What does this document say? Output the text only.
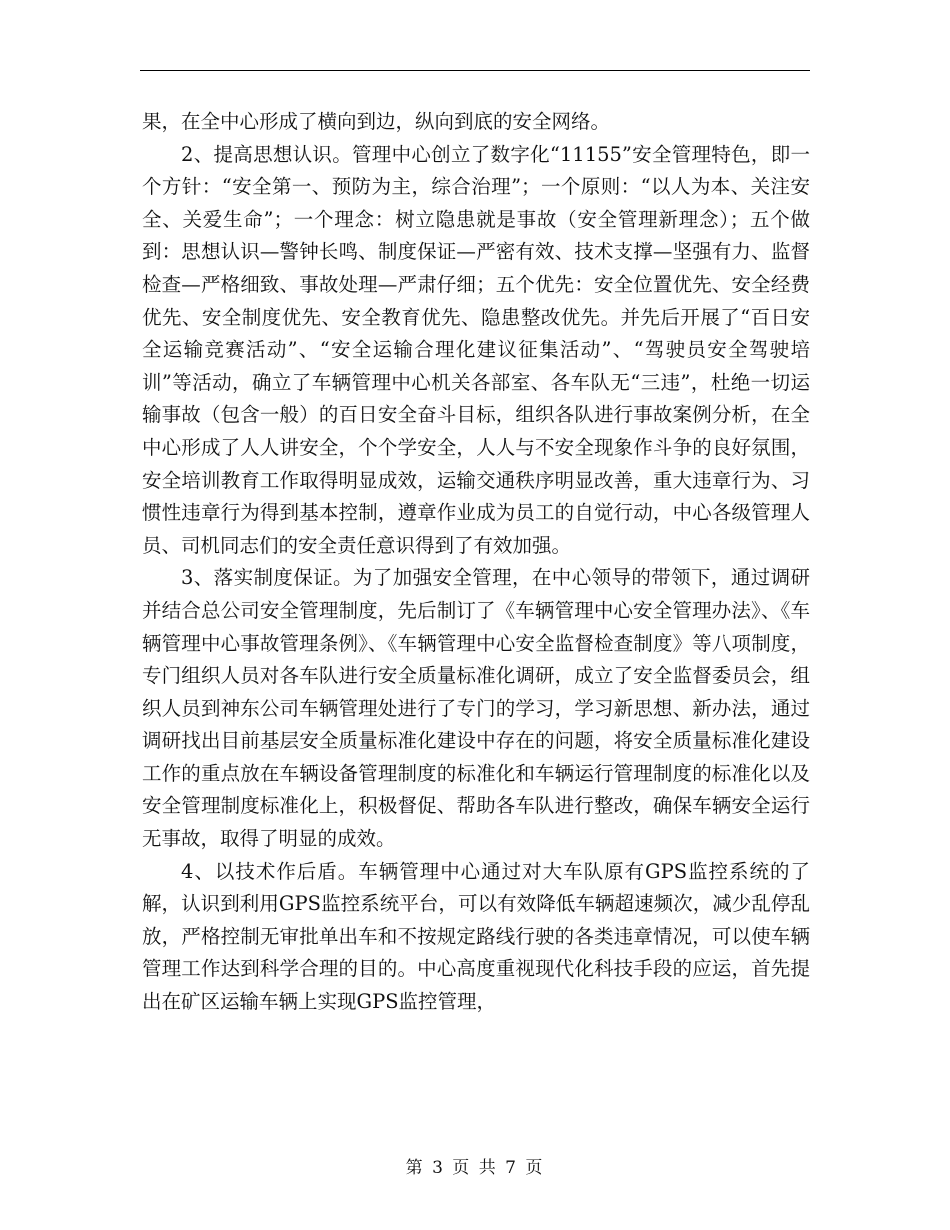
果，在全中心形成了横向到边，纵向到底的安全网络。

2、提高思想认识。管理中心创立了数字化“11155”安全管理特色，即一个方针：“安全第一、预防为主，综合治理”；一个原则：“以人为本、关注安全、关爱生命”；一个理念：树立隐患就是事故（安全管理新理念）；五个做到：思想认识—警钟长鸣、制度保证—严密有效、技术支撑—坚强有力、监督检查—严格细致、事故处理—严肃仔细；五个优先：安全位置优先、安全经费优先、安全制度优先、安全教育优先、隐患整改优先。并先后开展了“百日安全运输竞赛活动”、“安全运输合理化建议征集活动”、“驾驶员安全驾驶培训”等活动，确立了车辆管理中心机关各部室、各车队无“三违”，杜绝一切运输事故（包含一般）的百日安全奋斗目标，组织各队进行事故案例分析，在全中心形成了人人讲安全，个个学安全，人人与不安全现象作斗争的良好氛围，安全培训教育工作取得明显成效，运输交通秩序明显改善，重大违章行为、习惯性违章行为得到基本控制，遵章作业成为员工的自觉行动，中心各级管理人员、司机同志们的安全责任意识得到了有效加强。

3、落实制度保证。为了加强安全管理，在中心领导的带领下，通过调研并结合总公司安全管理制度，先后制订了《车辆管理中心安全管理办法》、《车辆管理中心事故管理条例》、《车辆管理中心安全监督检查制度》等八项制度，专门组织人员对各车队进行安全质量标准化调研，成立了安全监督委员会，组织人员到神东公司车辆管理处进行了专门的学习，学习新思想、新办法，通过调研找出目前基层安全质量标准化建设中存在的问题，将安全质量标准化建设工作的重点放在车辆设备管理制度的标准化和车辆运行管理制度的标准化以及安全管理制度标准化上，积极督促、帮助各车队进行整改，确保车辆安全运行无事故，取得了明显的成效。

4、以技术作后盾。车辆管理中心通过对大车队原有GPS监控系统的了解，认识到利用GPS监控系统平台，可以有效降低车辆超速频次，减少乱停乱放，严格控制无审批单出车和不按规定路线行驶的各类违章情况，可以使车辆管理工作达到科学合理的目的。中心高度重视现代化科技手段的应运，首先提出在矿区运输车辆上实现GPS监控管理，

第 3 页 共 7 页
